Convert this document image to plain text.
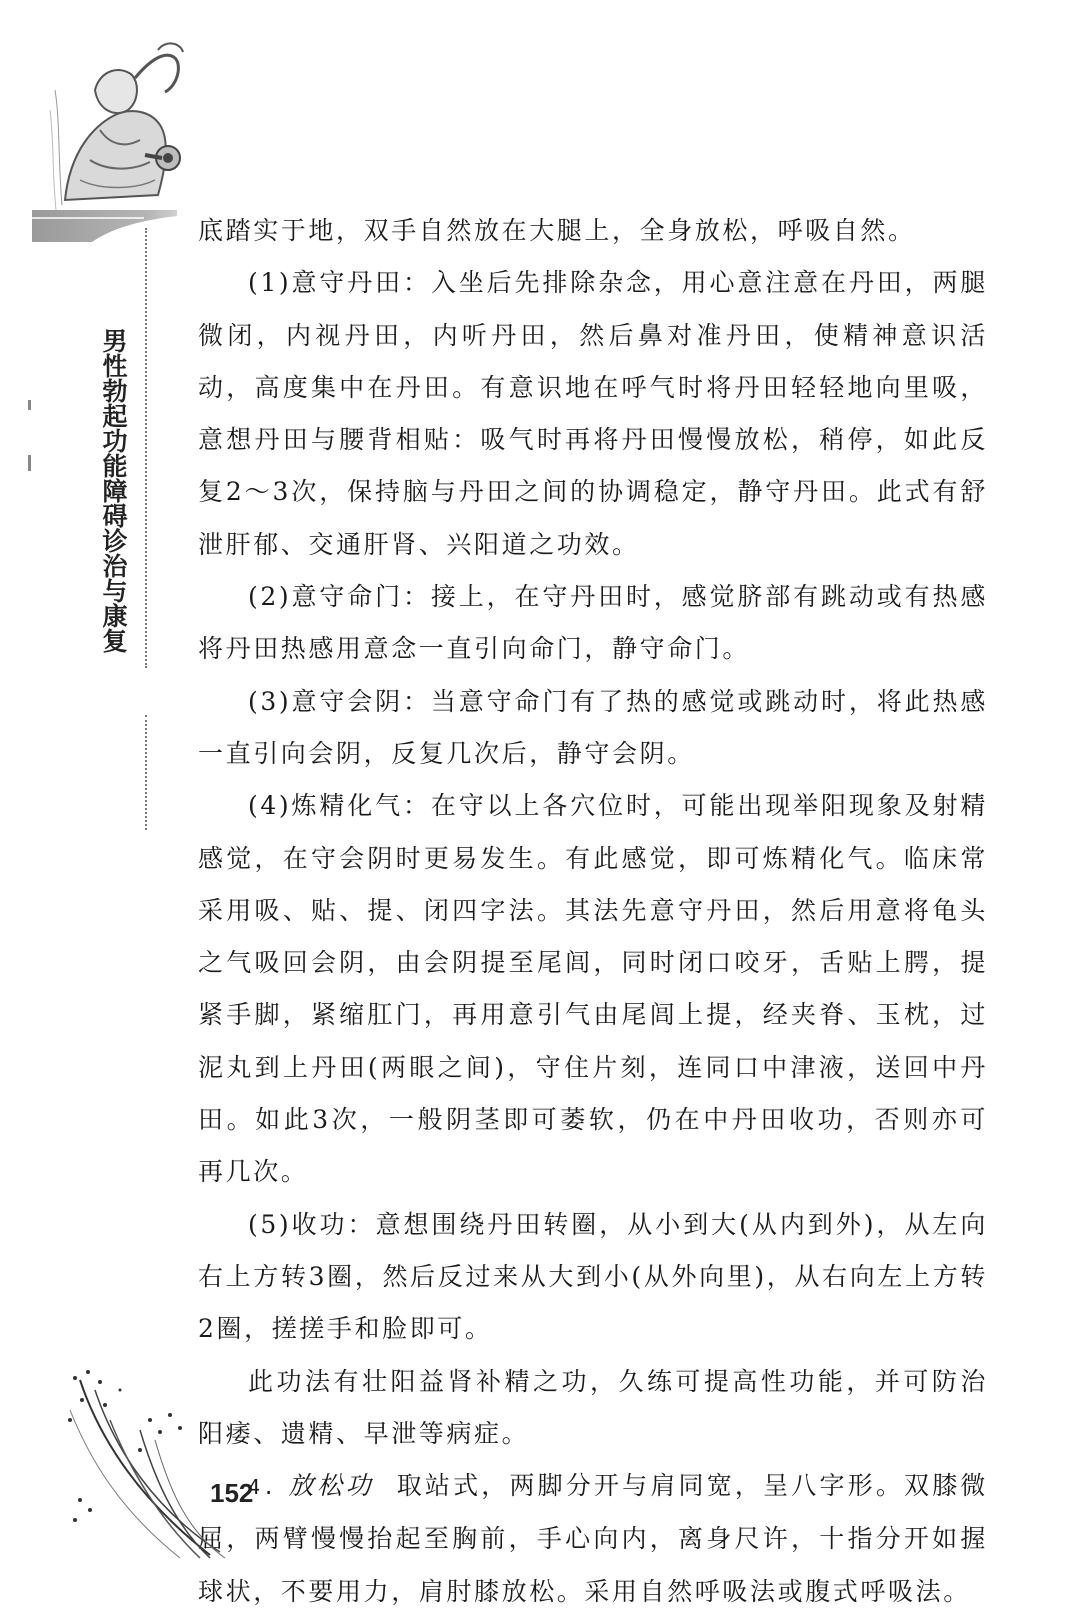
男性勃起功能障碍诊治与康复

底踏实于地，双手自然放在大腿上，全身放松，呼吸自然。

(1)意守丹田：入坐后先排除杂念，用心意注意在丹田，两腿微闭，内视丹田，内听丹田，然后鼻对准丹田，使精神意识活动，高度集中在丹田。有意识地在呼气时将丹田轻轻地向里吸，意想丹田与腰背相贴：吸气时再将丹田慢慢放松，稍停，如此反复2～3次，保持脑与丹田之间的协调稳定，静守丹田。此式有舒泄肝郁、交通肝肾、兴阳道之功效。

(2)意守命门：接上，在守丹田时，感觉脐部有跳动或有热感将丹田热感用意念一直引向命门，静守命门。

(3)意守会阴：当意守命门有了热的感觉或跳动时，将此热感一直引向会阴，反复几次后，静守会阴。

(4)炼精化气：在守以上各穴位时，可能出现举阳现象及射精感觉，在守会阴时更易发生。有此感觉，即可炼精化气。临床常采用吸、贴、提、闭四字法。其法先意守丹田，然后用意将龟头之气吸回会阴，由会阴提至尾闾，同时闭口咬牙，舌贴上腭，提紧手脚，紧缩肛门，再用意引气由尾闾上提，经夹脊、玉枕，过泥丸到上丹田(两眼之间)，守住片刻，连同口中津液，送回中丹田。如此3次，一般阴茎即可萎软，仍在中丹田收功，否则亦可再几次。

(5)收功：意想围绕丹田转圈，从小到大(从内到外)，从左向右上方转3圈，然后反过来从大到小(从外向里)，从右向左上方转2圈，搓搓手和脸即可。

此功法有壮阳益肾补精之功，久练可提高性功能，并可防治阳痿、遗精、早泄等病症。

4. 放松功 取站式，两脚分开与肩同宽，呈八字形。双膝微屈，两臂慢慢抬起至胸前，手心向内，离身尺许，十指分开如握球状，不要用力，肩肘膝放松。采用自然呼吸法或腹式呼吸法。

152
